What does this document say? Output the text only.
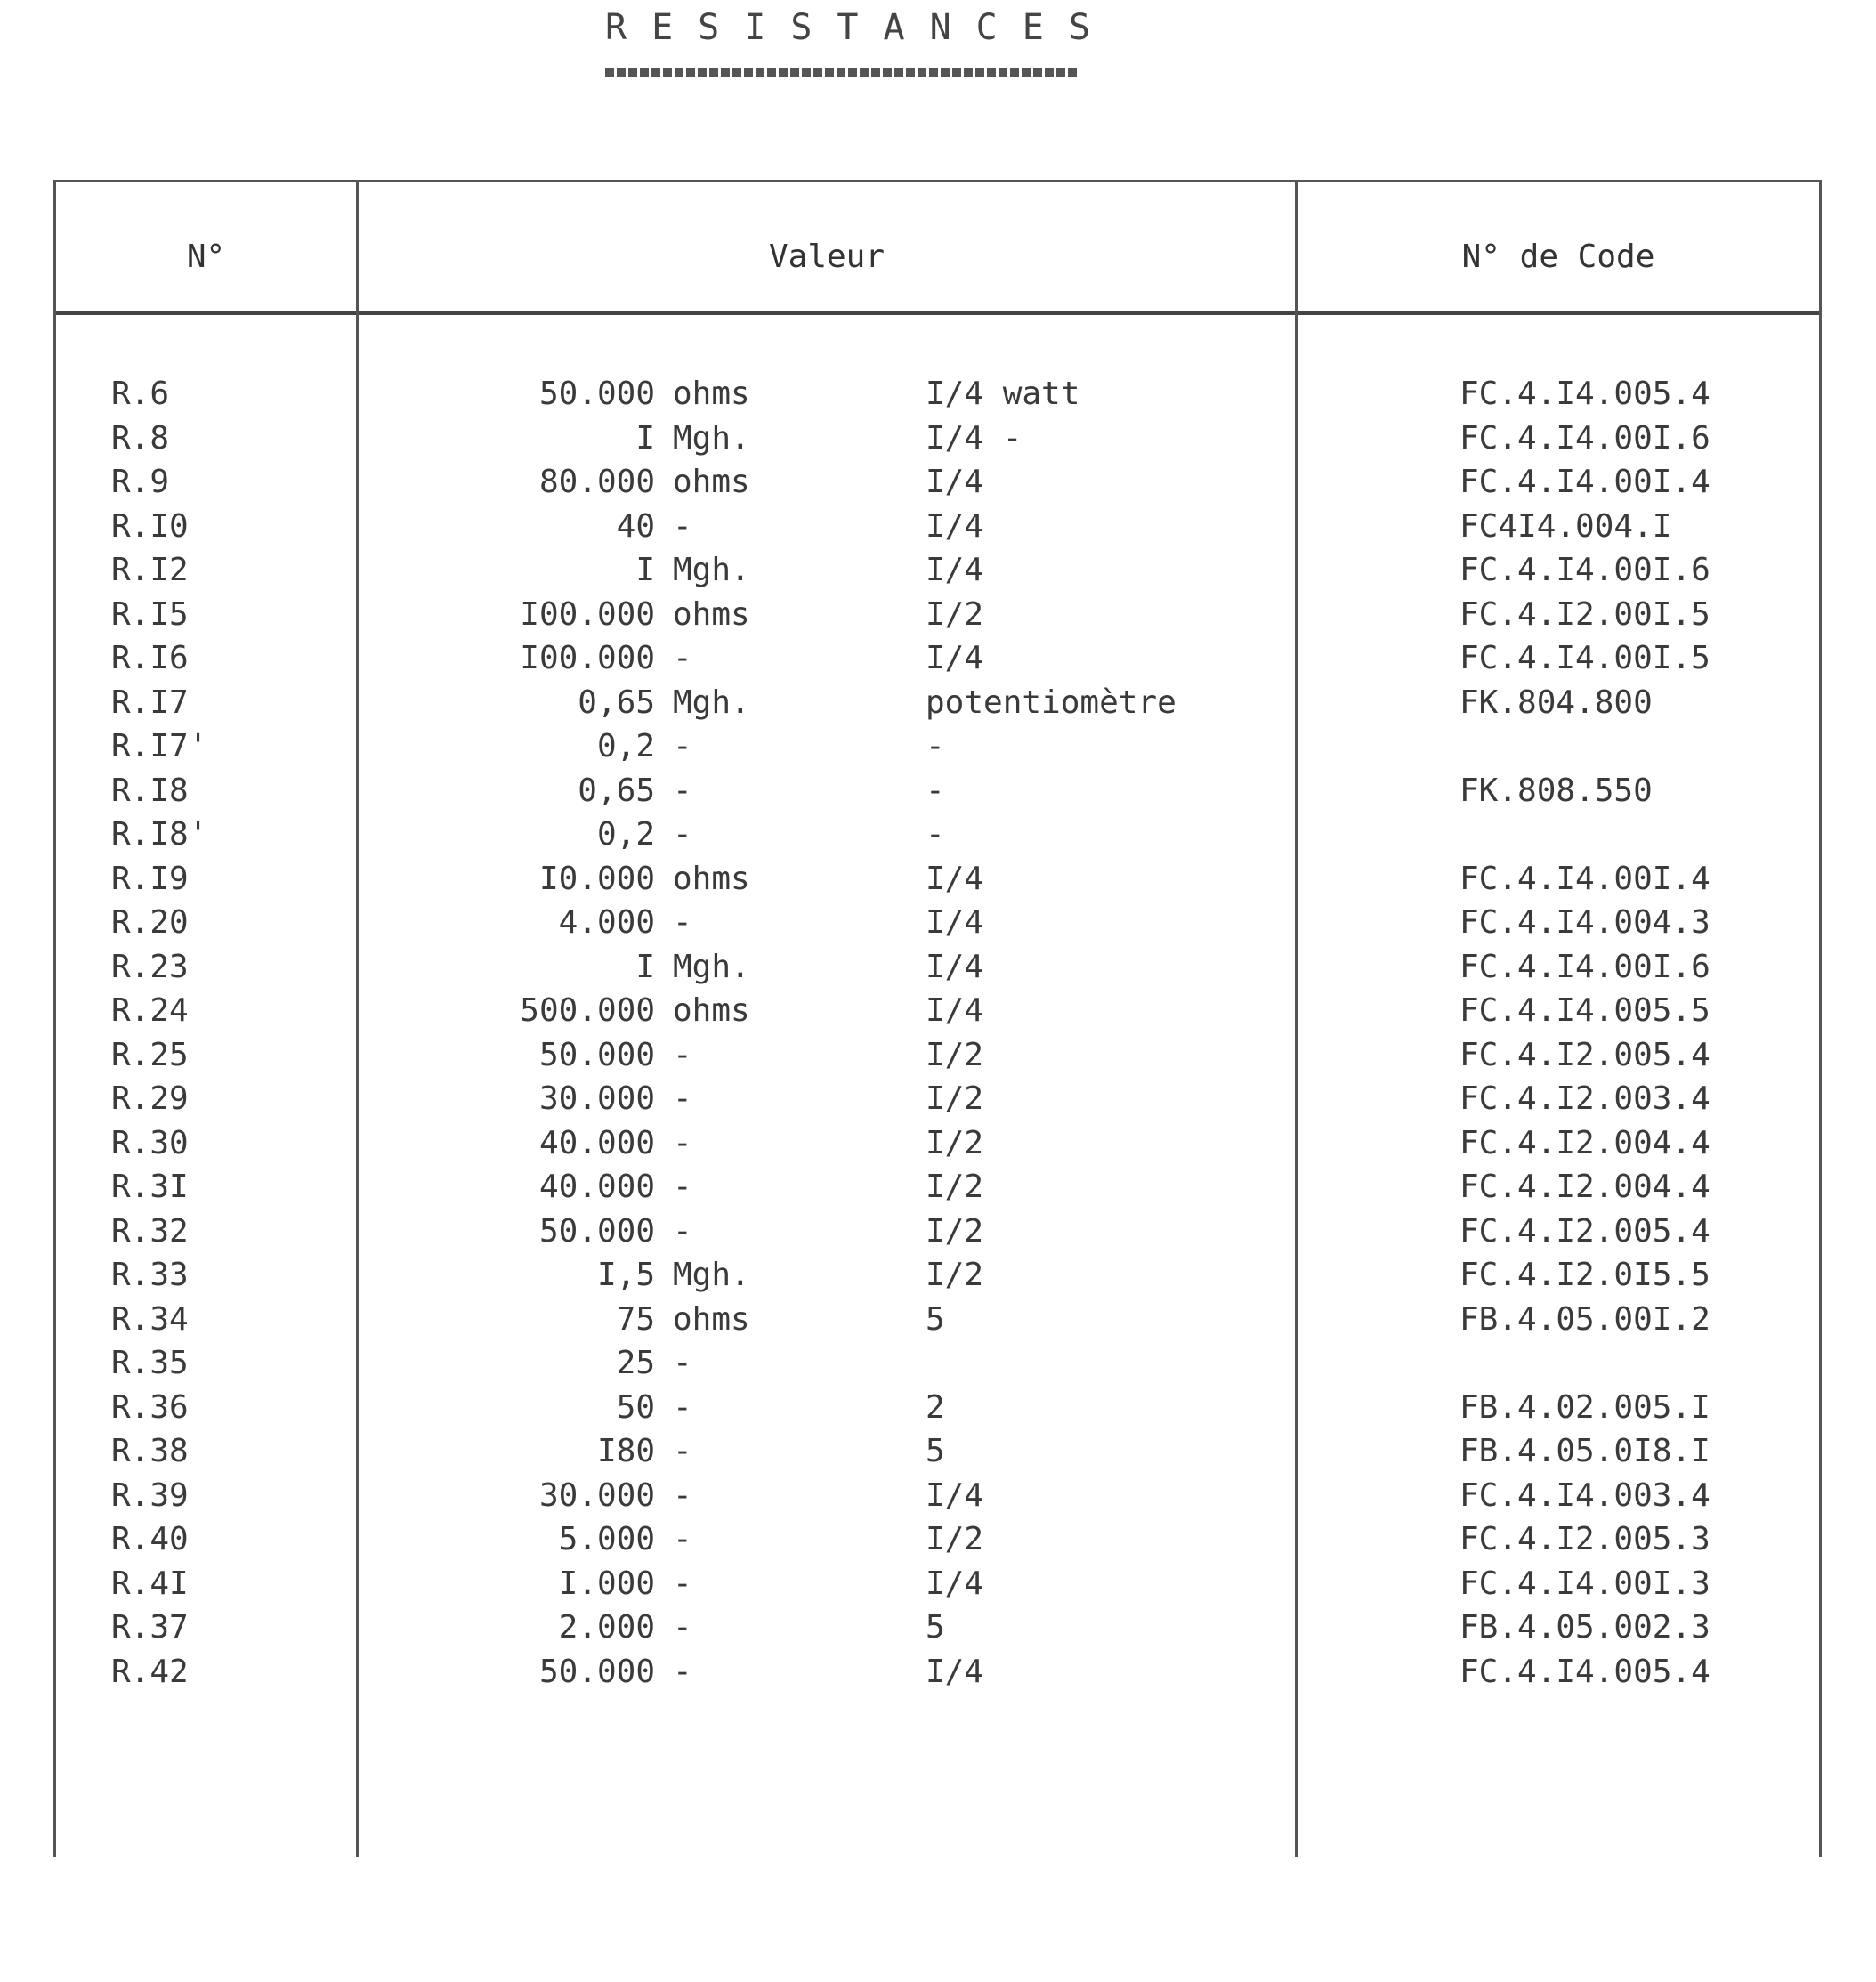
RESISTANCES
N°	Valeur	N° de Code
R.6	50.000 ohms	I/4 watt	FC.4.I4.005.4
R.8	I Mgh.	I/4 -	FC.4.I4.00I.6
R.9	80.000 ohms	I/4	FC.4.I4.00I.4
R.I0	40 -	I/4	FC4I4.004.I
R.I2	I Mgh.	I/4	FC.4.I4.00I.6
R.I5	I00.000 ohms	I/2	FC.4.I2.00I.5
R.I6	I00.000 -	I/4	FC.4.I4.00I.5
R.I7	0,65 Mgh.	potentiomètre	FK.804.800
R.I7'	0,2 -	-
R.I8	0,65 -	-	FK.808.550
R.I8'	0,2 -	-
R.I9	I0.000 ohms	I/4	FC.4.I4.00I.4
R.20	4.000 -	I/4	FC.4.I4.004.3
R.23	I Mgh.	I/4	FC.4.I4.00I.6
R.24	500.000 ohms	I/4	FC.4.I4.005.5
R.25	50.000 -	I/2	FC.4.I2.005.4
R.29	30.000 -	I/2	FC.4.I2.003.4
R.30	40.000 -	I/2	FC.4.I2.004.4
R.3I	40.000 -	I/2	FC.4.I2.004.4
R.32	50.000 -	I/2	FC.4.I2.005.4
R.33	I,5 Mgh.	I/2	FC.4.I2.0I5.5
R.34	75 ohms	5	FB.4.05.00I.2
R.35	25 -
R.36	50 -	2	FB.4.02.005.I
R.38	I80 -	5	FB.4.05.0I8.I
R.39	30.000 -	I/4	FC.4.I4.003.4
R.40	5.000 -	I/2	FC.4.I2.005.3
R.4I	I.000 -	I/4	FC.4.I4.00I.3
R.37	2.000 -	5	FB.4.05.002.3
R.42	50.000 -	I/4	FC.4.I4.005.4
